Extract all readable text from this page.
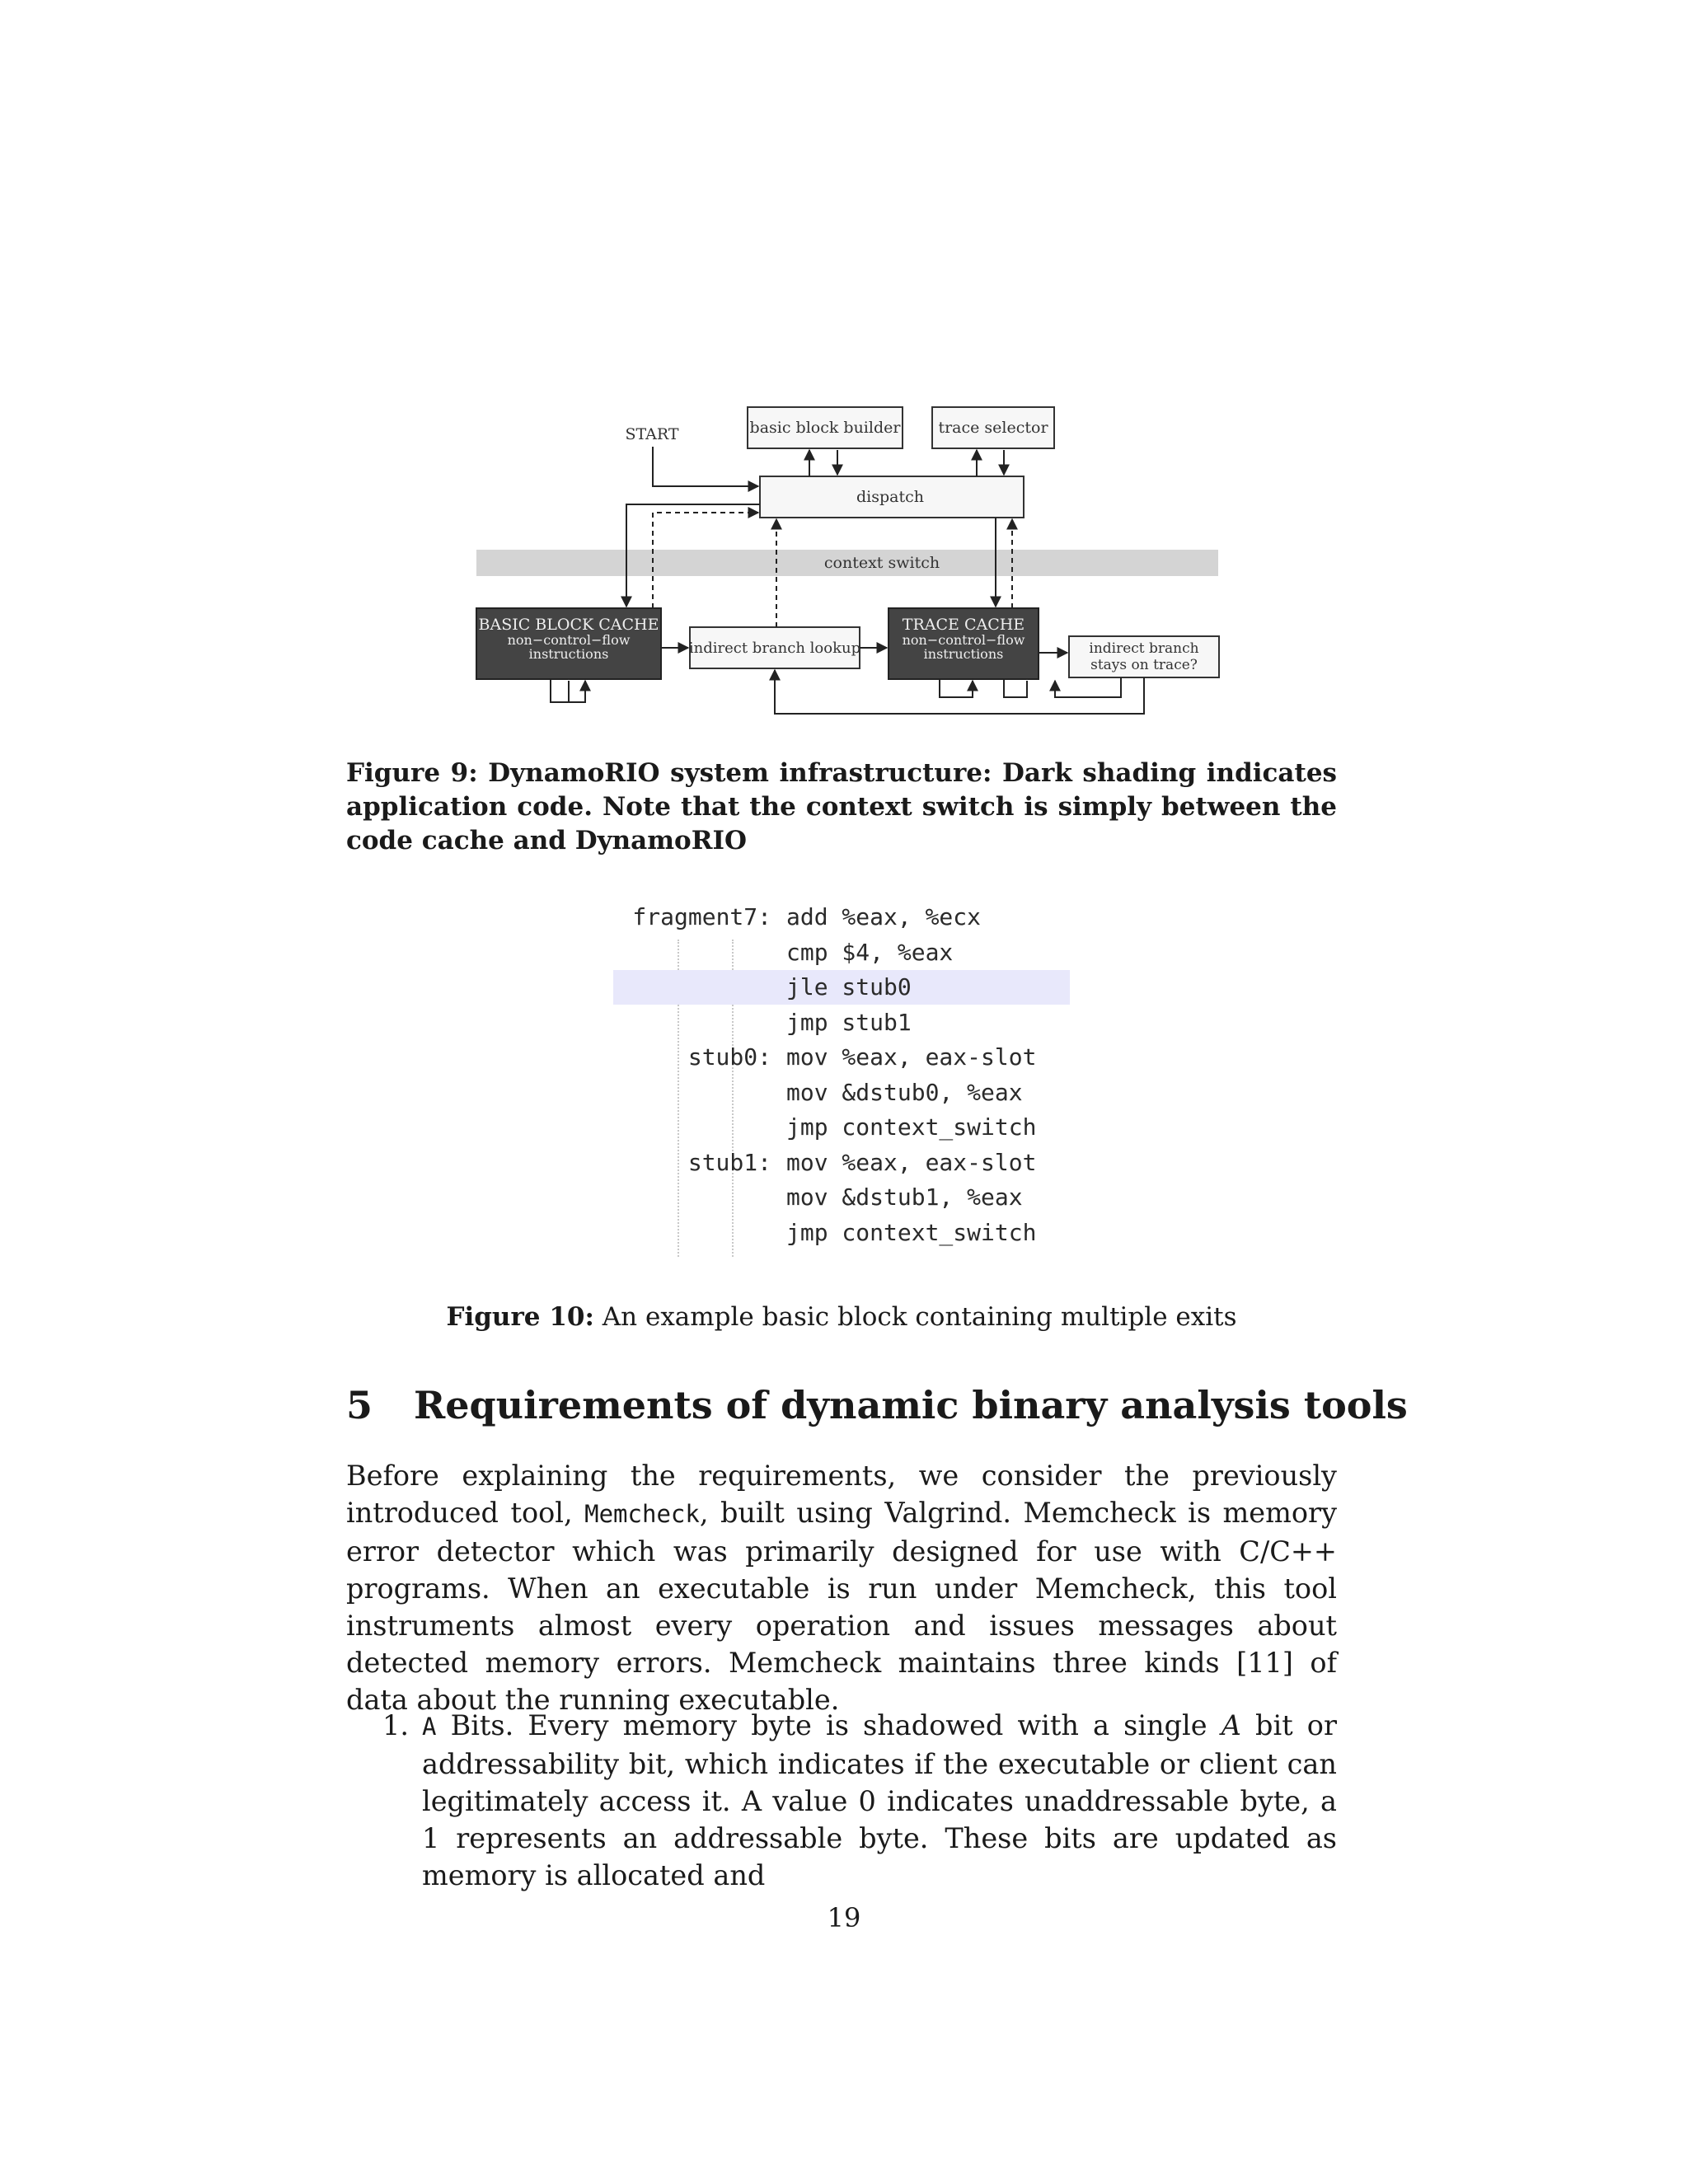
context switch
START	basic block builder trace selector
dispatch
BASIC BLOCK CACHE
non−control−flow
instructions	indirect branch lookup
TRACE CACHE
non−control−flow
instructions	indirect branch
stays on trace?
Figure 9: DynamoRIO system infrastructure: Dark shading indicates application code. Note that the context switch is simply between the code cache and DynamoRIO
fragment7: add %eax, %ecx
cmp $4, %eax
jle stub0
jmp stub1
stub0: mov %eax, eax-slot
mov &dstub0, %eax
jmp context_switch
stub1: mov %eax, eax-slot
mov &dstub1, %eax
jmp context_switch
Figure 10: An example basic block containing multiple exits
5 Requirements of dynamic binary analysis tools
Before explaining the requirements, we consider the previously introduced tool, Memcheck, built using Valgrind. Memcheck is memory error detector which was primarily designed for use with C/C++ programs. When an executable is run under Memcheck, this tool instruments almost every operation and issues messages about detected memory errors. Memcheck maintains three kinds [11] of data about the running executable.
1. A Bits. Every memory byte is shadowed with a single A bit or addressability bit, which indicates if the executable or client can legitimately access it. A value 0 indicates unaddressable byte, a 1 represents an addressable byte. These bits are updated as memory is allocated and
19
